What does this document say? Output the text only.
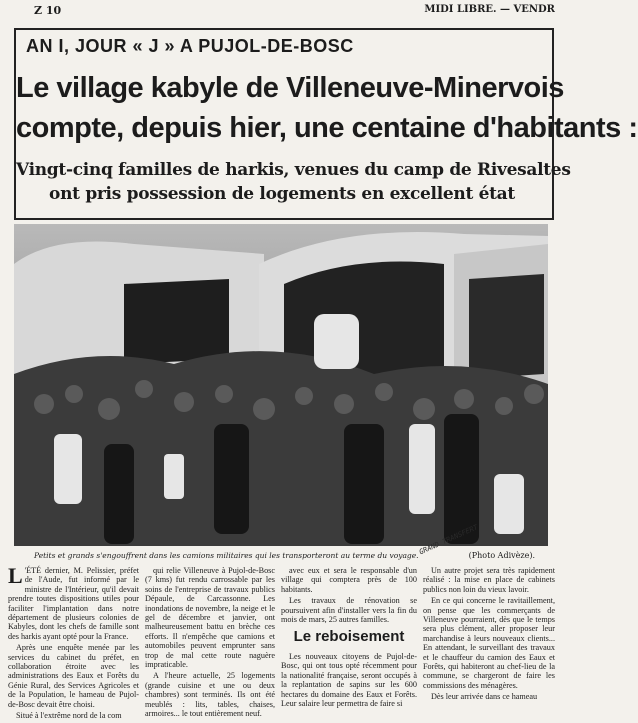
Z 10	MIDI LIBRE. — VENDR
AN I, JOUR « J » A PUJOL-DE-BOSC
Le village kabyle de Villeneuve-Minervois
compte, depuis hier, une centaine d'habitants :
Vingt-cinq familles de harkis, venues du camp de Rivesaltes
ont pris possession de logements en excellent état
Petits et grands s'engouffrent dans les camions militaires qui les transporteront au terme du voyage.	(Photo Adivèze).
GRAND TRANSFERT

L 'ÉTÉ dernier, M. Pelissier, préfet de l'Aude, fut informé par le ministre de l'Intérieur, qu'il devait prendre toutes dispositions utiles pour faciliter l'implantation dans notre département de plusieurs colonies de Kabyles, dont les chefs de famille sont des harkis ayant opté pour la France.

Après une enquête menée par les services du cabinet du préfet, en collaboration étroite avec les administrations des Eaux et Forêts du Génie Rural, des Services Agricoles et de la Population, le hameau de Pujol-de-Bosc devait être choisi.

Situé à l'extrême nord de la com

qui relie Villeneuve à Pujol-de-Bosc (7 kms) fut rendu carrossable par les soins de l'entreprise de travaux publics Dépaule, de Carcassonne. Les inondations de novembre, la neige et le gel de décembre et janvier, ont malheureusement battu en brèche ces efforts. Il n'empêche que camions et automobiles peuvent emprunter sans trop de mal cette route naguère impraticable.

A l'heure actuelle, 25 logements (grande cuisine et une ou deux chambres) sont terminés. Ils ont été meublés : lits, tables, chaises, armoires... le tout entièrement neuf.

avec eux et sera le responsable d'un village qui comptera près de 100 habitants.

Les travaux de rénovation se poursuivent afin d'installer vers la fin du mois de mars, 25 autres familles.

Le reboisement

Les nouveaux citoyens de Pujol-de-Bosc, qui ont tous opté récemment pour la nationalité française, seront occupés à la replantation de sapins sur les 600 hectares du domaine des Eaux et Forêts. Leur salaire leur permettra de faire si

Un autre projet sera très rapidement réalisé : la mise en place de cabinets publics non loin du vieux lavoir.

En ce qui concerne le ravitaillement, on pense que les commerçants de Villeneuve pourraient, dès que le temps sera plus clément, aller proposer leur marchandise à leurs nouveaux clients... En attendant, le surveillant des travaux et le chauffeur du camion des Eaux et Forêts, qui habiteront au chef-lieu de la commune, se chargeront de faire les commissions des ménagères.

Dès leur arrivée dans ce hameau
